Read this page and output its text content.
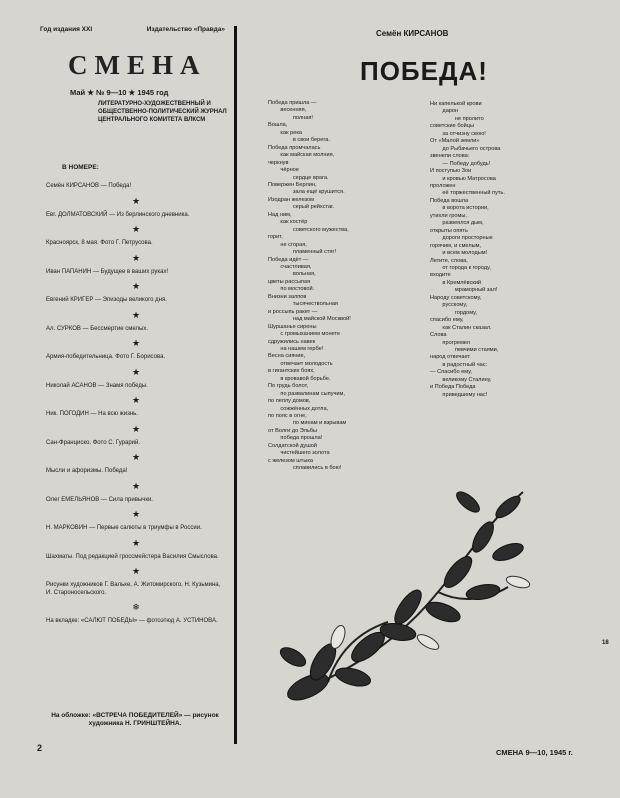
Год издания XXI	Издательство «Правда»
СМЕНА
Май ★ № 9—10 ★ 1945 год
ЛИТЕРАТУРНО-ХУДОЖЕСТВЕННЫЙ И ОБЩЕСТВЕННО-ПОЛИТИЧЕСКИЙ ЖУРНАЛ ЦЕНТРАЛЬНОГО КОМИТЕТА ВЛКСМ
В НОМЕРЕ:
Семён КИРСАНОВ — Победа!
★
Евг. ДОЛМАТОВСКИЙ — Из берлинского дневника.
★
Красноярск, 8 мая. Фото Г. Петрусова.
★
Иван ПАПАНИН — Будущее в ваших руках!
★
Евгений КРИГЕР — Эпизоды великого дня.
★
Ал. СУРКОВ — Бессмертие смелых.
★
Армия-победительница. Фото Г. Борисова.
★
Николай АСАНОВ — Знамя победы.
★
Ник. ПОГОДИН — На всю жизнь.
★
Сан-Франциско. Фото С. Гурарий.
★
Мысли и афоризмы. Победа!
★
Олег ЕМЕЛЬЯНОВ — Сила привычки.
★
Н. МАРКОВИН — Первые салюты в триумфы в России.
★
Шахматы. Под редакцией гроссмейстера Василия Смыслова.
★
Рисунки художников Г. Вальке, А. Житомирского, Н. Кузьмина, И. Староносельского.
❄
На вкладке: «САЛЮТ ПОБЕДЫ» — фотоэтюд А. УСТИНОВА.
На обложке: «ВСТРЕЧА ПОБЕДИТЕЛЕЙ» — рисунок художника Н. ГРИНШТЕЙНА.
2
Семён КИРСАНОВ
ПОБЕДА!
Победа пришла —
весенняя,
полная!
Вошла,
как река
в свои берега.
Победа промчалась
как майская молния,
черкнув
чёрное
сердце врага.
Повержен Берлин,
зала ещё крушится.
Изодран железом
серый рейхстаг.
Над ним,
как костёр
советского мужества,
горит,
не сгорая,
пламенный стяг!
Победа идёт —
счастливая,
вольная,
цветы рассыпая
по мостовой.
Внизни залпов
тысячествольная
и россыпь ракет —
над майской Москвой!
Шуршанье сирены
с громыханием монете
сдружились навек
на нашем гербе!
Весна сияние,
отвечает молодость
в гигантских боях,
в кровавой борьбе.
По грудь болот,
по развалинам сыпучим,
по пеплу домов,
сожжённых дотла,
по пояс в огне,
по минам и взрывам
от Волги до Эльбы
победа прошла!
Солдатской душой
чистейшего золота
с железом штыка
сплавились в бою!
Ни капелькой крови
дарон
не пролито
советские бойцы
за отчизну свою!
От «Малой земли»
до Рыбачьего острова
звенели слова:
— Победу добудь!
И поступью Зои
и кровью Матросова
проложен
её торжественный путь.
Победа вошла
в ворота истории,
утихли громы,
развеялся дым,
открыты опять
дороги просторные
горячим, и смелым,
и всем молодым!
Летите, слова,
от города к городу,
входите
в Кремлёвский
мраморный зал!
Народу советскому,
русскому,
гордому,
спасибо ему,
как Сталин сказал.
Слова
прогремел
певчими стаями,
народ отвечает
в радостный час:
— Спасибо ему,
великому Сталину,
и Победа Победа
приведшему нас!
18
СМЕНА 9—10, 1945 г.
